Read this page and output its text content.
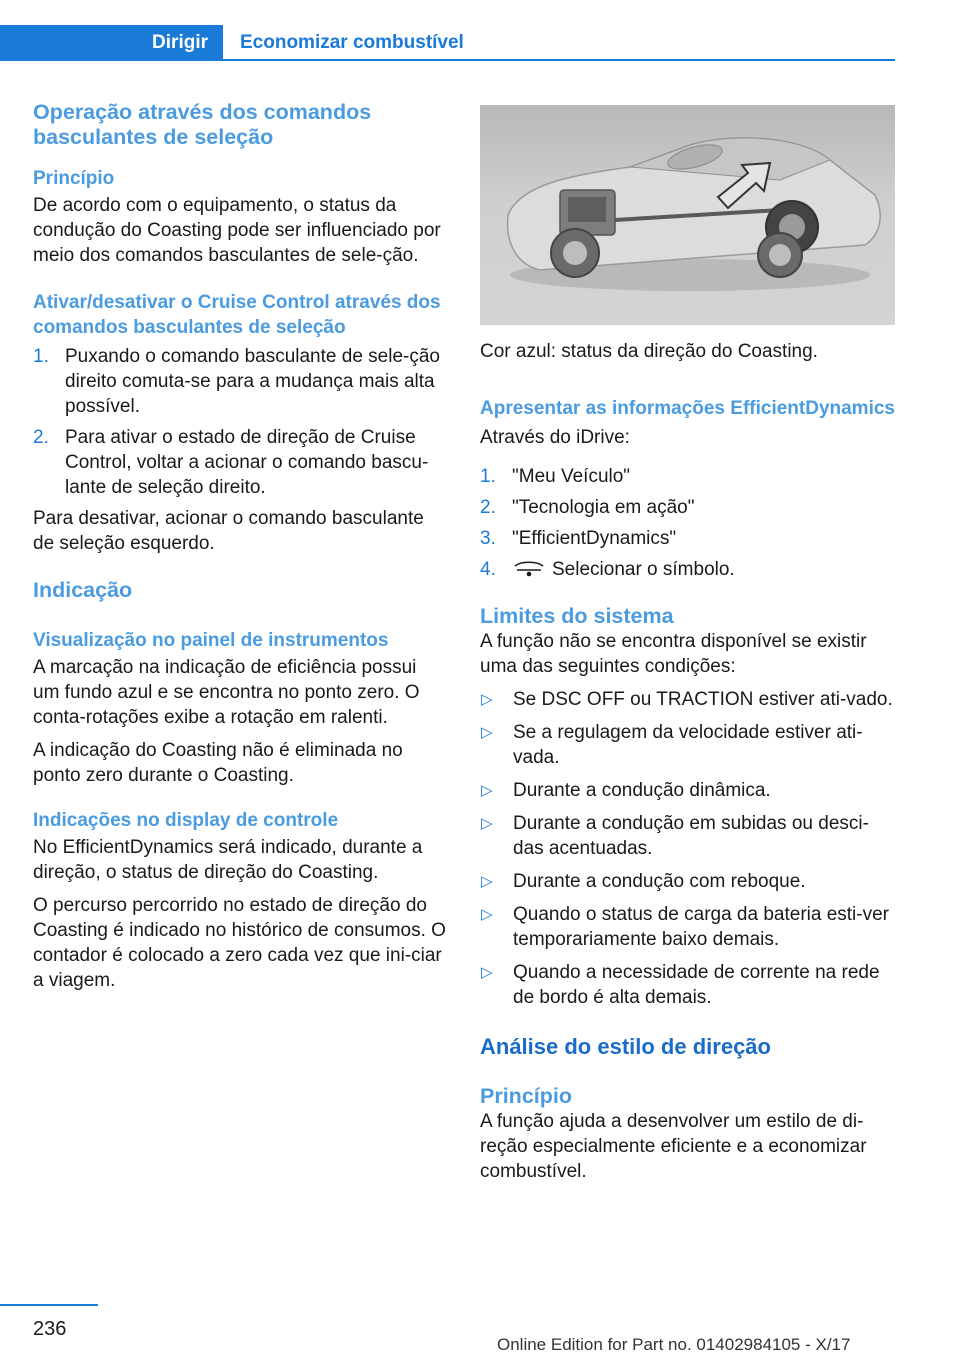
Dirigir Economizar combustível
Operação através dos comandos basculantes de seleção
Princípio

De acordo com o equipamento, o status da condução do Coasting pode ser influenciado por meio dos comandos basculantes de sele-ção.

Ativar/desativar o Cruise Control através dos comandos basculantes de seleção
1. Puxando o comando basculante de sele-ção direito comuta-se para a mudança mais alta possível.
2. Para ativar o estado de direção de Cruise Control, voltar a acionar o comando bascu-lante de seleção direito.

Para desativar, acionar o comando basculante de seleção esquerdo.

Indicação
Visualização no painel de instrumentos

A marcação na indicação de eficiência possui um fundo azul e se encontra no ponto zero. O conta-rotações exibe a rotação em ralenti.

A indicação do Coasting não é eliminada no ponto zero durante o Coasting.

Indicações no display de controle

No EfficientDynamics será indicado, durante a direção, o status de direção do Coasting.

O percurso percorrido no estado de direção do Coasting é indicado no histórico de consumos. O contador é colocado a zero cada vez que ini-ciar a viagem.

Cor azul: status da direção do Coasting.

Apresentar as informações EfficientDynamics

Através do iDrive:

1. "Meu Veículo"
2. "Tecnologia em ação"
3. "EfficientDynamics"
4.	Selecionar o símbolo.
Limites do sistema

A função não se encontra disponível se existir uma das seguintes condições:

▷ Se DSC OFF ou TRACTION estiver ati-vado.
▷ Se a regulagem da velocidade estiver ati-vada.
▷ Durante a condução dinâmica.
▷ Durante a condução em subidas ou desci-das acentuadas.
▷ Durante a condução com reboque.
▷ Quando o status de carga da bateria esti-ver temporariamente baixo demais.
▷ Quando a necessidade de corrente na rede de bordo é alta demais.
Análise do estilo de direção
Princípio

A função ajuda a desenvolver um estilo de di-reção especialmente eficiente e a economizar combustível.

236
Online Edition for Part no. 01402984105 - X/17
